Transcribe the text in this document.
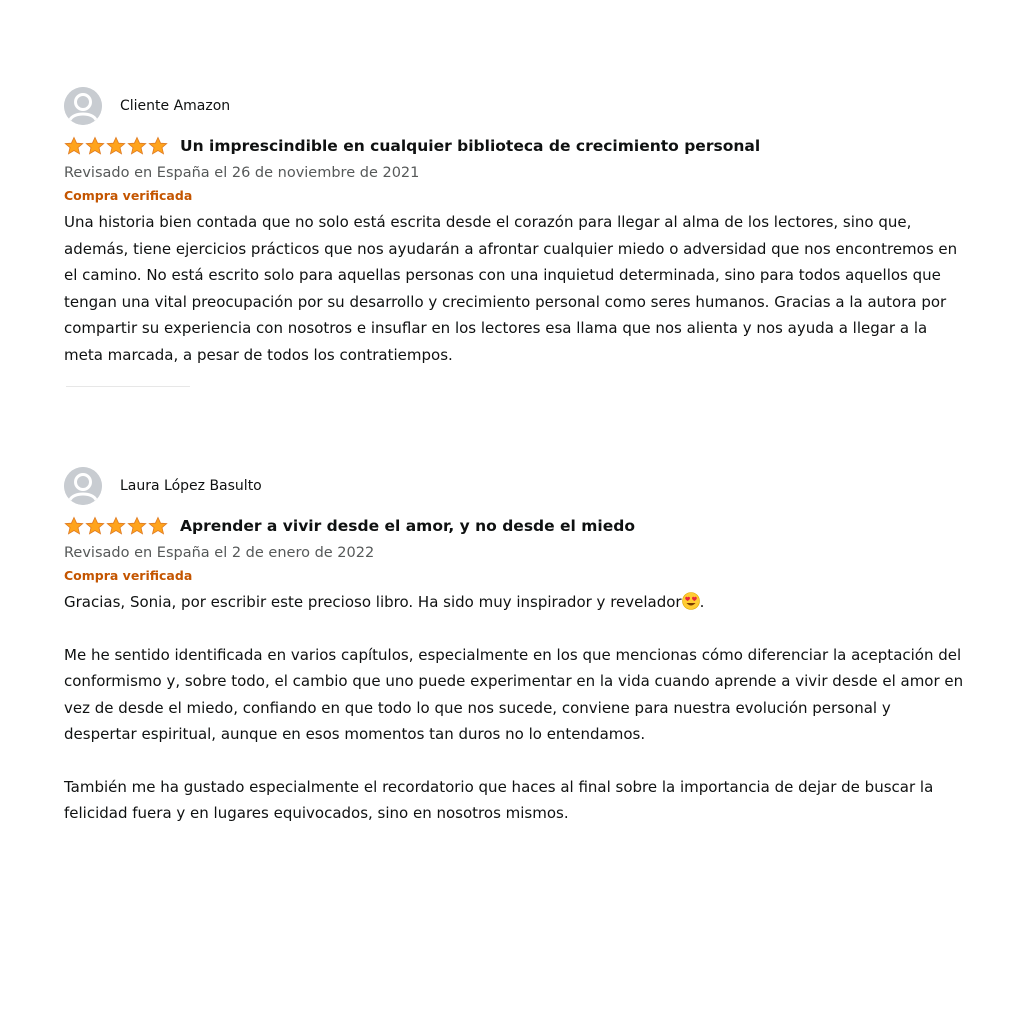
Cliente Amazon
Un imprescindible en cualquier biblioteca de crecimiento personal
Revisado en España el 26 de noviembre de 2021
Compra verificada

Una historia bien contada que no solo está escrita desde el corazón para llegar al alma de los lectores, sino que, además, tiene ejercicios prácticos que nos ayudarán a afrontar cualquier miedo o adversidad que nos encontremos en el camino. No está escrito solo para aquellas personas con una inquietud determinada, sino para todos aquellos que tengan una vital preocupación por su desarrollo y crecimiento personal como seres humanos. Gracias a la autora por compartir su experiencia con nosotros e insuflar en los lectores esa llama que nos alienta y nos ayuda a llegar a la meta marcada, a pesar de todos los contratiempos.

Laura López Basulto
Aprender a vivir desde el amor, y no desde el miedo
Revisado en España el 2 de enero de 2022
Compra verificada

Gracias, Sonia, por escribir este precioso libro. Ha sido muy inspirador y revelador .

Me he sentido identificada en varios capítulos, especialmente en los que mencionas cómo diferenciar la aceptación del conformismo y, sobre todo, el cambio que uno puede experimentar en la vida cuando aprende a vivir desde el amor en vez de desde el miedo, confiando en que todo lo que nos sucede, conviene para nuestra evolución personal y despertar espiritual, aunque en esos momentos tan duros no lo entendamos.

También me ha gustado especialmente el recordatorio que haces al final sobre la importancia de dejar de buscar la felicidad fuera y en lugares equivocados, sino en nosotros mismos.
